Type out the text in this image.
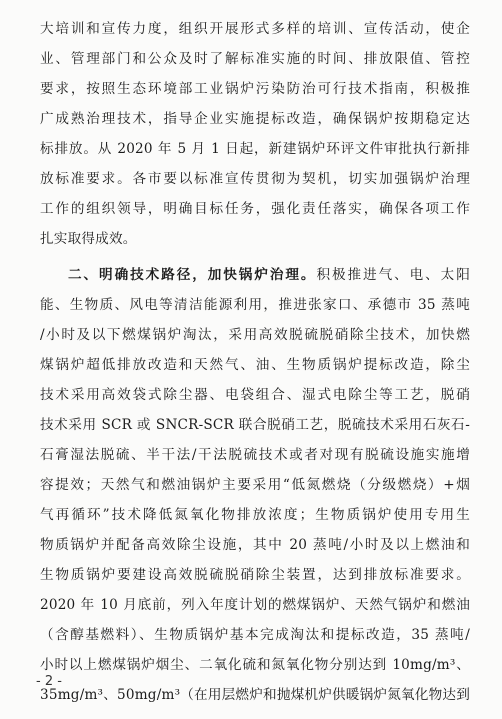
大培训和宣传力度，组织开展形式多样的培训、宣传活动，使企
业、管理部门和公众及时了解标准实施的时间、排放限值、管控
要求，按照生态环境部工业锅炉污染防治可行技术指南，积极推
广成熟治理技术，指导企业实施提标改造，确保锅炉按期稳定达
标排放。从 2020 年 5 月 1 日起，新建锅炉环评文件审批执行新排
放标准要求。各市要以标准宣传贯彻为契机，切实加强锅炉治理
工作的组织领导，明确目标任务，强化责任落实，确保各项工作
扎实取得成效。
二、明确技术路径，加快锅炉治理。积极推进气、电、太阳
能、生物质、风电等清洁能源利用，推进张家口、承德市 35 蒸吨
/小时及以下燃煤锅炉淘汰，采用高效脱硫脱硝除尘技术，加快燃
煤锅炉超低排放改造和天然气、油、生物质锅炉提标改造，除尘
技术采用高效袋式除尘器、电袋组合、湿式电除尘等工艺，脱硝
技术采用 SCR 或 SNCR-SCR 联合脱硝工艺，脱硫技术采用石灰石-
石膏湿法脱硫、半干法/干法脱硫技术或者对现有脱硫设施实施增
容提效；天然气和燃油锅炉主要采用“低氮燃烧（分级燃烧）+烟
气再循环”技术降低氮氧化物排放浓度；生物质锅炉使用专用生
物质锅炉并配备高效除尘设施，其中 20 蒸吨/小时及以上燃油和
生物质锅炉要建设高效脱硫脱硝除尘装置，达到排放标准要求。
2020 年 10 月底前，列入年度计划的燃煤锅炉、天然气锅炉和燃油
（含醇基燃料）、生物质锅炉基本完成淘汰和提标改造，35 蒸吨/
小时以上燃煤锅炉烟尘、二氧化硫和氮氧化物分别达到 10mg/m³、
35mg/m³、50mg/m³（在用层燃炉和抛煤机炉供暖锅炉氮氧化物达到
- 2 -
